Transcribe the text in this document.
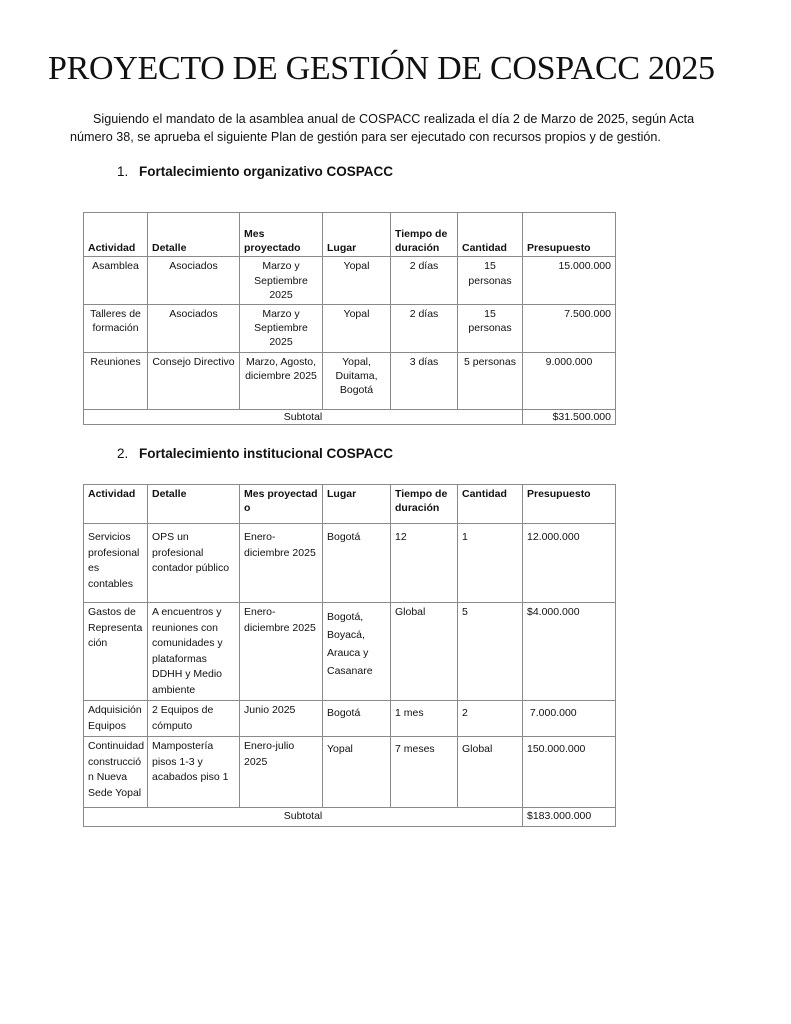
PROYECTO DE GESTIÓN DE COSPACC 2025
Siguiendo el mandato de la asamblea anual de COSPACC realizada el día 2 de Marzo de 2025, según Acta
número 38, se aprueba el siguiente Plan de gestión para ser ejecutado con recursos propios y de gestión.
1. Fortalecimiento organizativo COSPACC
Actividad	Detalle	Mes proyectado	Lugar	Tiempo de duración	Cantidad	Presupuesto
Asamblea	Asociados	Marzo y Septiembre 2025	Yopal	2 días	15 personas	15.000.000
Talleres de formación	Asociados	Marzo y Septiembre 2025	Yopal	2 días	15 personas	7.500.000
Reuniones	Consejo Directivo	Marzo, Agosto, diciembre 2025	Yopal, Duitama, Bogotá	3 días	5 personas	9.000.000
Subtotal						$31.500.000
2. Fortalecimiento institucional COSPACC
Actividad	Detalle	Mes proyectad o	Lugar	Tiempo de duración	Cantidad	Presupuesto
Servicios profesional es contables	OPS un profesional contador público	Enero- diciembre 2025	Bogotá	12	1	12.000.000
Gastos de Representa ción	A encuentros y reuniones con comunidades y plataformas DDHH y Medio ambiente	Enero- diciembre 2025	Bogotá, Boyacá, Arauca y Casanare	Global	5	$4.000.000
Adquisición Equipos	2 Equipos de cómputo	Junio 2025	Bogotá	1 mes	2	7.000.000
Continuidad construcció n Nueva Sede Yopal	Mampostería pisos 1-3 y acabados piso 1	Enero-julio 2025	Yopal	7 meses	Global	150.000.000
Subtotal						$183.000.000
